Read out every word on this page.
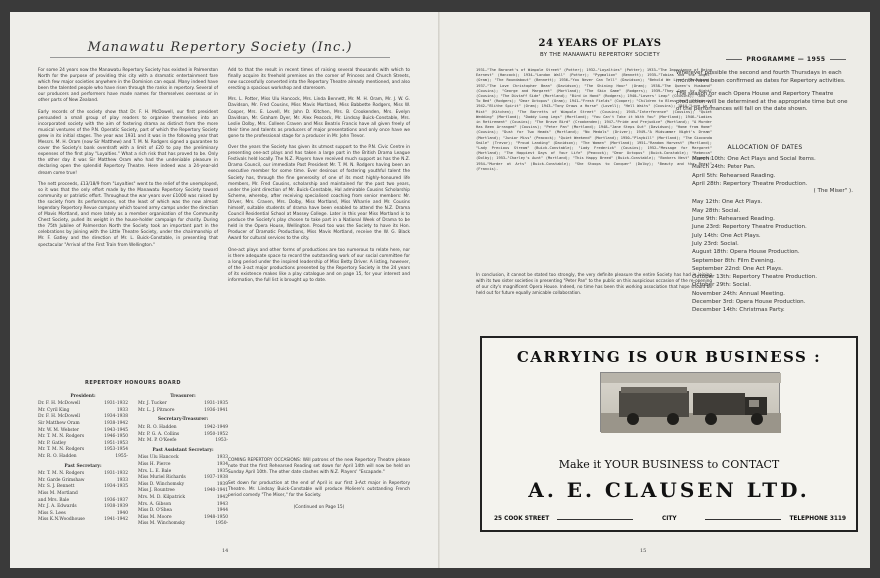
Manawatu Repertory Society (Inc.)

For some 24 years now the Manawatu Repertory Society has existed in Palmerston North for the purpose of providing this city with a dramatic entertainment fare which few major societies anywhere in the Dominion can equal. Many indeed have been the talented people who have risen through the ranks in repertory. Several of our producers and performers have made names for themselves overseas or in other parts of New Zealand.

Early records of the society show that Dr. F. H. McDowell, our first president persuaded a small group of play readers to organise themselves into an incorporated society with the aim of fostering drama as distinct from the more musical ventures of the P.N. Operatic Society, part of which the Repertory Society grew in its initial stages. The year was 1931 and it was in the following year that Messrs. M. H. Oram (now Sir Matthew) and T. M. N. Rodgers signed a guarantee to cover the Society's bank overdraft with a limit of £20 to pay the preliminary expenses of the first play "Loyalties." What a rich risk that has proved to be. Only the other day it was Sir Matthew Oram who had the undeniable pleasure in declaring open the splendid Repertory Theatre. Here indeed was a 24-year-old dream come true!

The nett proceeds, £13/18/9 from "Loyalties" went to the relief of the unemployed, so it was that the only effort made by the Manawatu Repertory Society toward community or patriotic effort. Throughout the war years over £1000 was raised by the society from its performances, not the least of which was the now almost legendary Repertory Revue company which toured army camps under the direction of Mavis Mortland, and more lately as a member organisation of the Community Chest Society, pulled its weight in the house-holder campaign for charity. During the 75th Jubilee of Palmerston North the Society took an important part in the celebrations by joining with the Little Theatre Society, under the chairmanship of Mr. F. Gatley and the direction of Mr. L. Buick-Constable, in presenting that spectacular "Arrival of the First Train from Wellington."

Add to that the result in recent times of raising several thousands with which to finally acquire its freehold premises on the corner of Princess and Church Streets, now successfully converted into the Repertory Theatre already mentioned, and also erecting a spacious workshop and storeroom.

Mrs. L. Potter, Miss Ulu Hancock, Mrs. Linda Bennett, Mr. M. H. Oram, Mr. J. W. G. Davidson, Mr. Fred Cousins, Miss Mavis Mortland, Miss Babbette Rodgers, Miss W. Cooper, Mrs. E. Lovell, Mr. John D. Kitchen, Mrs. B. Crookenden, Mrs. Evelyn Davidson, Mr. Graham Dyer, Mr. Alex Peacock, Mr. Lindsay Buick-Constable, Mrs. Leslie Dolby, Mrs. Colleen Craven and Miss Beatrix Francis have all given freely of their time and talents as producers of major presentations and only once have we gone to the professional stage for a producer in Mr. John Trevor.

Over the years the Society has given its utmost support to the P.N. Civic Centre in presenting one-act plays and has taken a large part in the British Drama League Festivals held locally. The N.Z. Players have received much support as has the N.Z. Drama Council, our immediate Past President Mr. T. M. N. Rodgers having been an executive member for some time. Ever desirous of fostering youthful talent the Society has, through the fine generosity of one of its most highly-honoured life members, Mr. Fred Cousins, scholarship and maintained for the past two years, under the joint direction of Mr. Buick-Constable, Hal admirable Cousins Scholarship Scheme, whereby, after receiving specialised coaching from senior members: Mr. Driver, Mrs. Craven, Mrs. Dolby, Miss Mortland, Miss Wharrie and Mr. Cousins himself, suitable students of drama have been enabled to attend the N.Z. Drama Council Residential School at Massey College. Later in this year Miss Mortland is to produce the Society's play chosen to take part in a National Week of Drama to be held in the Opera House, Wellington. Proud too was the Society to have its Hon. Producer of Dramatic Productions, Miss Mavis Mortland, receive the W. G. Black Award for cultural services to the city.

One-act plays and other forms of productions are too numerous to relate here, nor is there adequate space to record the outstanding work of our social committee for a long period under the inspired leadership of Miss Betty Driver. A listing, however, of the 3-act major productions presented by the Repertory Society in the 24 years of its existence makes like a play catalogue and on page 15, for your interest and information, the full list is brought up to date.

REPERTORY HONOURS BOARD
President:
Dr. F. H. McDowell	1931-1932
Mr. Cyril King	1933
Dr. F. H. McDowell	1934-1938
Sir Matthew Oram	1938-1942
Mr. W. M. Webster	1943-1945
Mr. T. M. N. Rodgers	1946-1950
Mr. P. Gatley	1951-1953
Mr. T. M. N. Rodgers	1953-1954
Mr. R. O. Hadden	1955-
Past Secretary:
Mr. T. M. N. Rodgers	1931-1932
Mr. Garde Grimshaw	1933
Mr. S. J. Bennett	1934-1935
Miss M. Mortland
and Mrs. Bale	1936-1937
Mr. J. A. Edwards	1938-1939
Miss S. Lees	1940
Miss K.N.Woodhouse	1941-1942
Treasurer:
Mr. J. Tucker	1931-1935
Mr. L. J. Pitmore	1936-1941
Secretary-Treasurer:
Mr. R. O. Hadden	1942-1949
Mr. P. G. A. Collins	1950-1952
Mr. M. P. O'Keefe	1953-
Past Assistant Secretary:
Miss Ulu Hancock	1933
Miss H. Pierce	1934
Mrs. L. E. Bale	1935
Miss Muriel Richards	1937-1938
Miss D. Winchomsky	1939
Miss J. Rountree	1940-1941
Mrs. M. D. Kilpatrick	1942
Mrs. A. Gibson	1943
Miss D. O'Shea	1944
Miss M. Moore	1948-1950
Miss M. Winchomsky	1950-

COMING REPERTORY OCCASIONS: Will patrons of the new Repertory Theatre please note that the first Rehearsed Reading set down for April 14th will now be held on Sunday April 10th. The other date clashes with N.Z. Players' "Escapade."

Set down for production at the end of April is our first 3-Act major in Repertory Theatre. Mr. Lindsay Buick-Constable will produce Moliere's outstanding French period comedy "The Miser," for the Society.

(Continued on Page 15)

14
24 YEARS OF PLAYS
BY THE MANAWATU REPERTORY SOCIETY
1931—"The Baronet's of Wimpole Street" (Potter); 1932—"Loyalties" (Potter); 1933—"The Importance of Being Earnest" (Hancock); 1934—"London Wall" (Potter); "Pygmalion" (Bennett); 1935—"Tobias and the Angel" (Oram); "The Roundabout" (Bennett); 1936—"You Never Can Tell" (Davidson); "Behold We Live" (Davidson); 1937—"The Love Christopher Bean" (Davidson); "The Shining Hour" (Oram); 1938—"The Queen's Husband" (Cousins); "George and Margaret" (Mortland); "The Skin Game" (Rodgers); 1939—"They Came by Night" (Cousins); "The Distaff Side" (Mortland); "Bird in Hand" (Rodgers); 1940—"Lovers' Leap" (Cousins); "And So To Bed" (Rodgers); "Dear Octopus" (Oram); 1941—"Fresh Fields" (Cooper); "Children to Bless You" (Cousins); 1942—"Blithe Spirit" (Oram); 1943—"Tony Draws a Horse" (Lovell); "Hell Waits" (Cousins); 1944—"Love in a Mist" (Kitchen); "The Barretts of Wimpole Street" (Cousins); 1945—"Interference" (Cousins); "Quiet Wedding" (Mortland); "Daddy Long Legs" (Mortland); "You Can't Take it With You" (Mortland); 1946—"Ladies in Retirement" (Cousins); "The Brave Bird" (Crookenden); 1947—"Pride and Prejudice" (Mortland); "A Murder Has Been Arranged" (Cousins); "Peter Pan" (Mortland); 1948—"Jane Steps Out" (Davidson); "Home from Home" (Cousins); "Dust for Two Heads" (Mortland); "No Medals" (Driver); 1949—"A Midsummer Night's Dream" (Mortland); "Junior Miss" (Peacock); "Quiet Weekend" (Mortland); 1950—"Playbill" (Mortland); "The Gioconda Smile" (Trevor); "Proud Landing" (Davidson); "The Women" (Mortland); 1951—"Random Harvest" (Mortland); "Lady Precious Stream" (Buick-Constable); "Lady Frederick" (Cousins); 1952—"Message for Margaret" (Mortland); "The Happiest Days of Your Life" (Peacock); "Dear Octopus" (Buick-Constable); "Rebecca" (Dolby); 1953—"Charley's Aunt" (Mortland); "This Happy Breed" (Buick-Constable); "Bonkers Nest" (Craven); 1954—"Murder at Arts" (Buick-Constable); "She Stoops to Conquer" (Dolby); "Beauty and the Beast" (Francis).
In conclusion, it cannot be stated too strongly, the very definite pleasure the entire Society has had in joining with its two sister societies in presenting "Peter Pan" to the public on this auspicious occasion of the re-opening of our city's magnificent Opera House. Indeed, no time has been this working association that hope should be held out for future equally amicable collaboration.
PROGRAMME — 1955

Wherever possible the second and fourth Thursdays in each month have been confirmed as dates for Repertory activities.

The season for each Opera House and Repertory Theatre production will be determined at the appropriate time but one of the performances will fall on the date shown.

ALLOCATION OF DATES
March 10th: One Act Plays and Social Items.
March 24th: Peter Pan.
April 5th: Rehearsed Reading.
April 28th: Repertory Theatre Production.
( The Miser" ).
May 12th: One Act Plays.
May 28th: Social.
June 9th: Rehearsed Reading.
June 23rd: Repertory Theatre Production.
July 14th: One Act Plays.
July 23rd: Social.
August 18th: Opera House Production.
September 8th: Film Evening.
September 22nd: One Act Plays.
October 13th: Repertory Theatre Production.
October 29th: Social.
November 24th: Annual Meeting.
December 3rd: Opera House Production.
December 14th: Christmas Party.
CARRYING IS OUR BUSINESS :
Make it YOUR BUSINESS to CONTACT
A. E. CLAUSEN LTD.
25 COOK STREET	CITY	TELEPHONE 3119
15
